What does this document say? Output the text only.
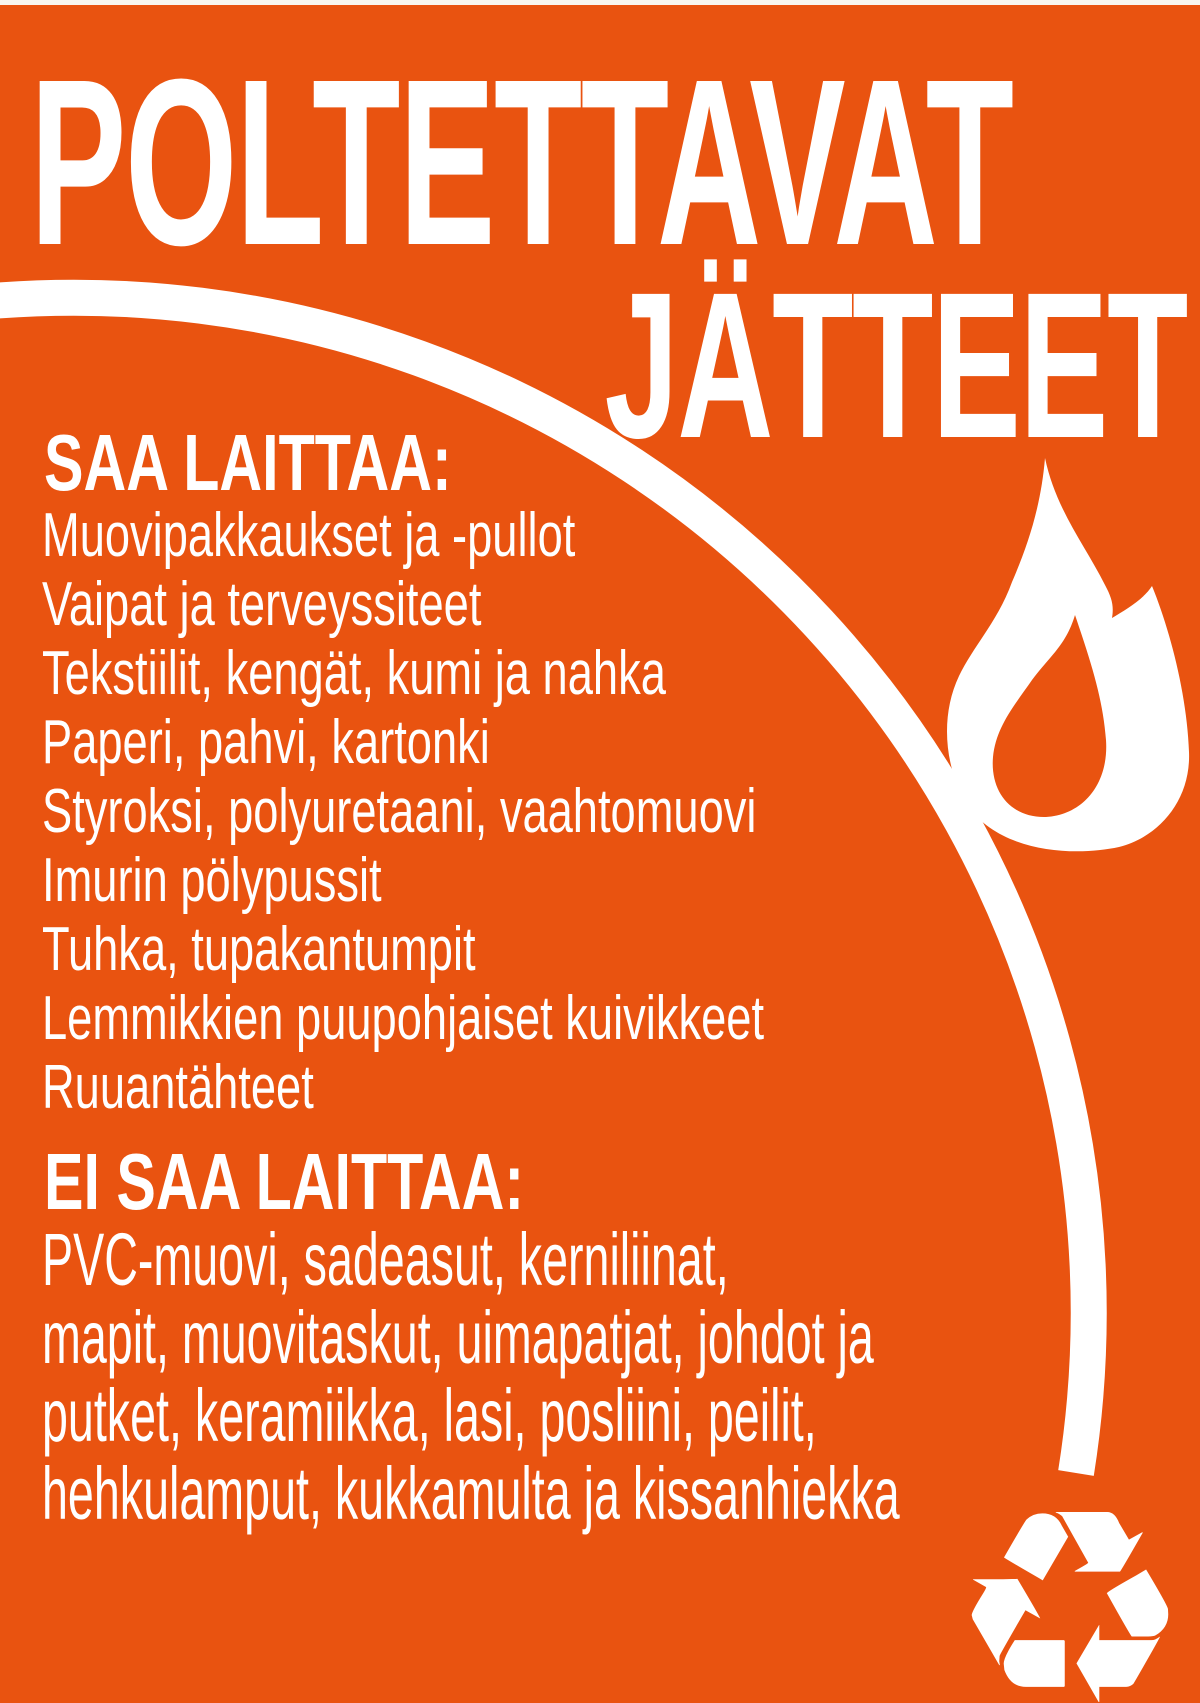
POLTETTAVAT
JÄTTEET
SAA LAITTAA:
Muovipakkaukset ja -pullot
Vaipat ja terveyssiteet
Tekstiilit, kengät, kumi ja nahka
Paperi, pahvi, kartonki
Styroksi, polyuretaani, vaahtomuovi
Imurin pölypussit
Tuhka, tupakantumpit
Lemmikkien puupohjaiset kuivikkeet
Ruuantähteet
EI SAA LAITTAA:
PVC-muovi, sadeasut, kerniliinat,
mapit, muovitaskut, uimapatjat, johdot ja
putket, keramiikka, lasi, posliini, peilit,
hehkulamput, kukkamulta ja kissanhiekka ♻
